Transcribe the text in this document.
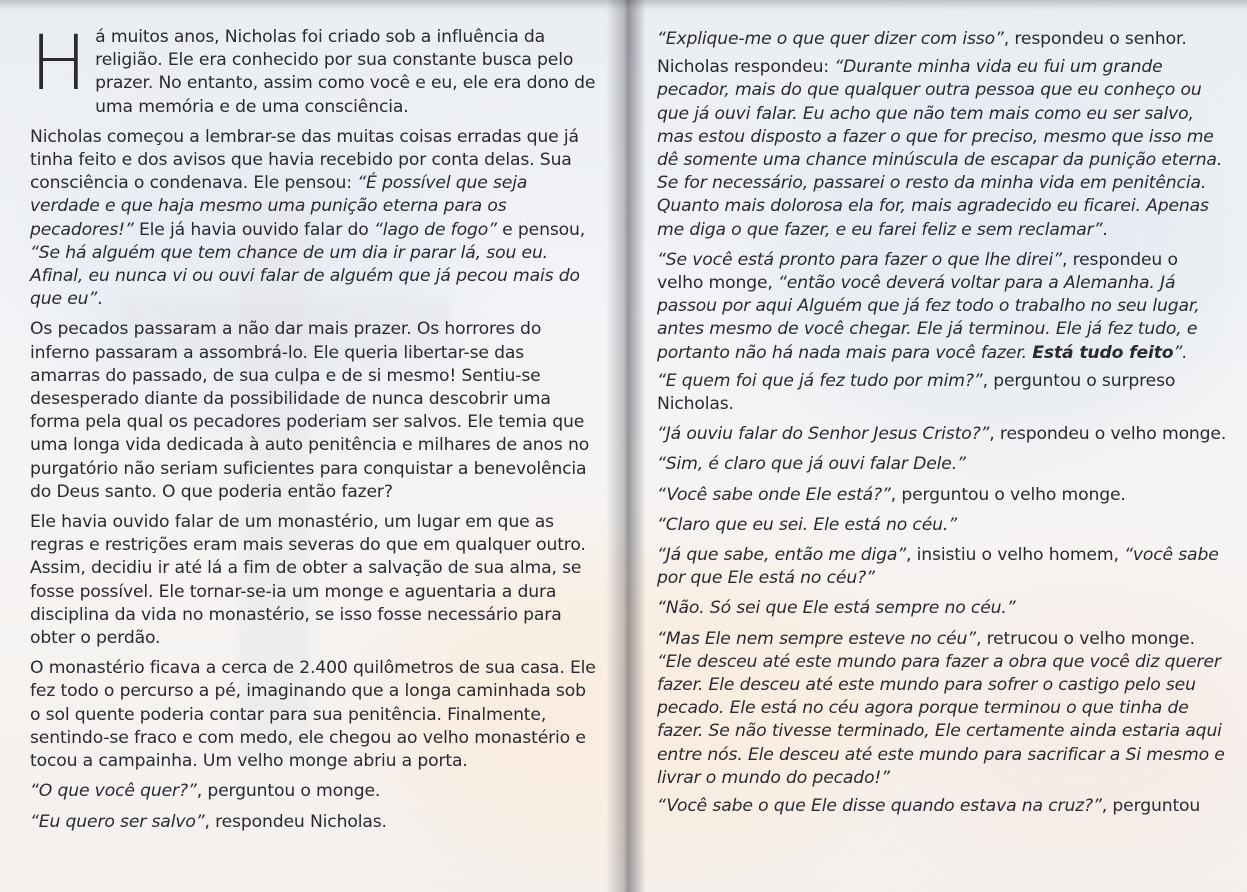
H á muitos anos, Nicholas foi criado sob a influência da religião. Ele era conhecido por sua constante busca pelo prazer. No entanto, assim como você e eu, ele era dono de uma memória e de uma consciência.

Nicholas começou a lembrar-se das muitas coisas erradas que já tinha feito e dos avisos que havia recebido por conta delas. Sua consciência o condenava. Ele pensou: “É possível que seja verdade e que haja mesmo uma punição eterna para os pecadores!” Ele já havia ouvido falar do “lago de fogo” e pensou, “Se há alguém que tem chance de um dia ir parar lá, sou eu. Afinal, eu nunca vi ou ouvi falar de alguém que já pecou mais do que eu”.

Os pecados passaram a não dar mais prazer. Os horrores do inferno passaram a assombrá-lo. Ele queria libertar-se das amarras do passado, de sua culpa e de si mesmo! Sentiu-se desesperado diante da possibilidade de nunca descobrir uma forma pela qual os pecadores poderiam ser salvos. Ele temia que uma longa vida dedicada à auto penitência e milhares de anos no purgatório não seriam suficientes para conquistar a benevolência do Deus santo. O que poderia então fazer?

Ele havia ouvido falar de um monastério, um lugar em que as regras e restrições eram mais severas do que em qualquer outro. Assim, decidiu ir até lá a fim de obter a salvação de sua alma, se fosse possível. Ele tornar-se-ia um monge e aguentaria a dura disciplina da vida no monastério, se isso fosse necessário para obter o perdão.

O monastério ficava a cerca de 2.400 quilômetros de sua casa. Ele fez todo o percurso a pé, imaginando que a longa caminhada sob o sol quente poderia contar para sua penitência. Finalmente, sentindo-se fraco e com medo, ele chegou ao velho monastério e tocou a campainha. Um velho monge abriu a porta.

“O que você quer?”, perguntou o monge.

“Eu quero ser salvo”, respondeu Nicholas.

“Explique-me o que quer dizer com isso”, respondeu o senhor.

Nicholas respondeu: “Durante minha vida eu fui um grande pecador, mais do que qualquer outra pessoa que eu conheço ou que já ouvi falar. Eu acho que não tem mais como eu ser salvo, mas estou disposto a fazer o que for preciso, mesmo que isso me dê somente uma chance minúscula de escapar da punição eterna. Se for necessário, passarei o resto da minha vida em penitência. Quanto mais dolorosa ela for, mais agradecido eu ficarei. Apenas me diga o que fazer, e eu farei feliz e sem reclamar”.

“Se você está pronto para fazer o que lhe direi”, respondeu o velho monge, “então você deverá voltar para a Alemanha. Já passou por aqui Alguém que já fez todo o trabalho no seu lugar, antes mesmo de você chegar. Ele já terminou. Ele já fez tudo, e portanto não há nada mais para você fazer. Está tudo feito”.

“E quem foi que já fez tudo por mim?”, perguntou o surpreso Nicholas.

“Já ouviu falar do Senhor Jesus Cristo?”, respondeu o velho monge.

“Sim, é claro que já ouvi falar Dele.”

“Você sabe onde Ele está?”, perguntou o velho monge.

“Claro que eu sei. Ele está no céu.”

“Já que sabe, então me diga”, insistiu o velho homem, “você sabe por que Ele está no céu?”

“Não. Só sei que Ele está sempre no céu.”

“Mas Ele nem sempre esteve no céu”, retrucou o velho monge. “Ele desceu até este mundo para fazer a obra que você diz querer fazer. Ele desceu até este mundo para sofrer o castigo pelo seu pecado. Ele está no céu agora porque terminou o que tinha de fazer. Se não tivesse terminado, Ele certamente ainda estaria aqui entre nós. Ele desceu até este mundo para sacrificar a Si mesmo e livrar o mundo do pecado!”

“Você sabe o que Ele disse quando estava na cruz?”, perguntou
